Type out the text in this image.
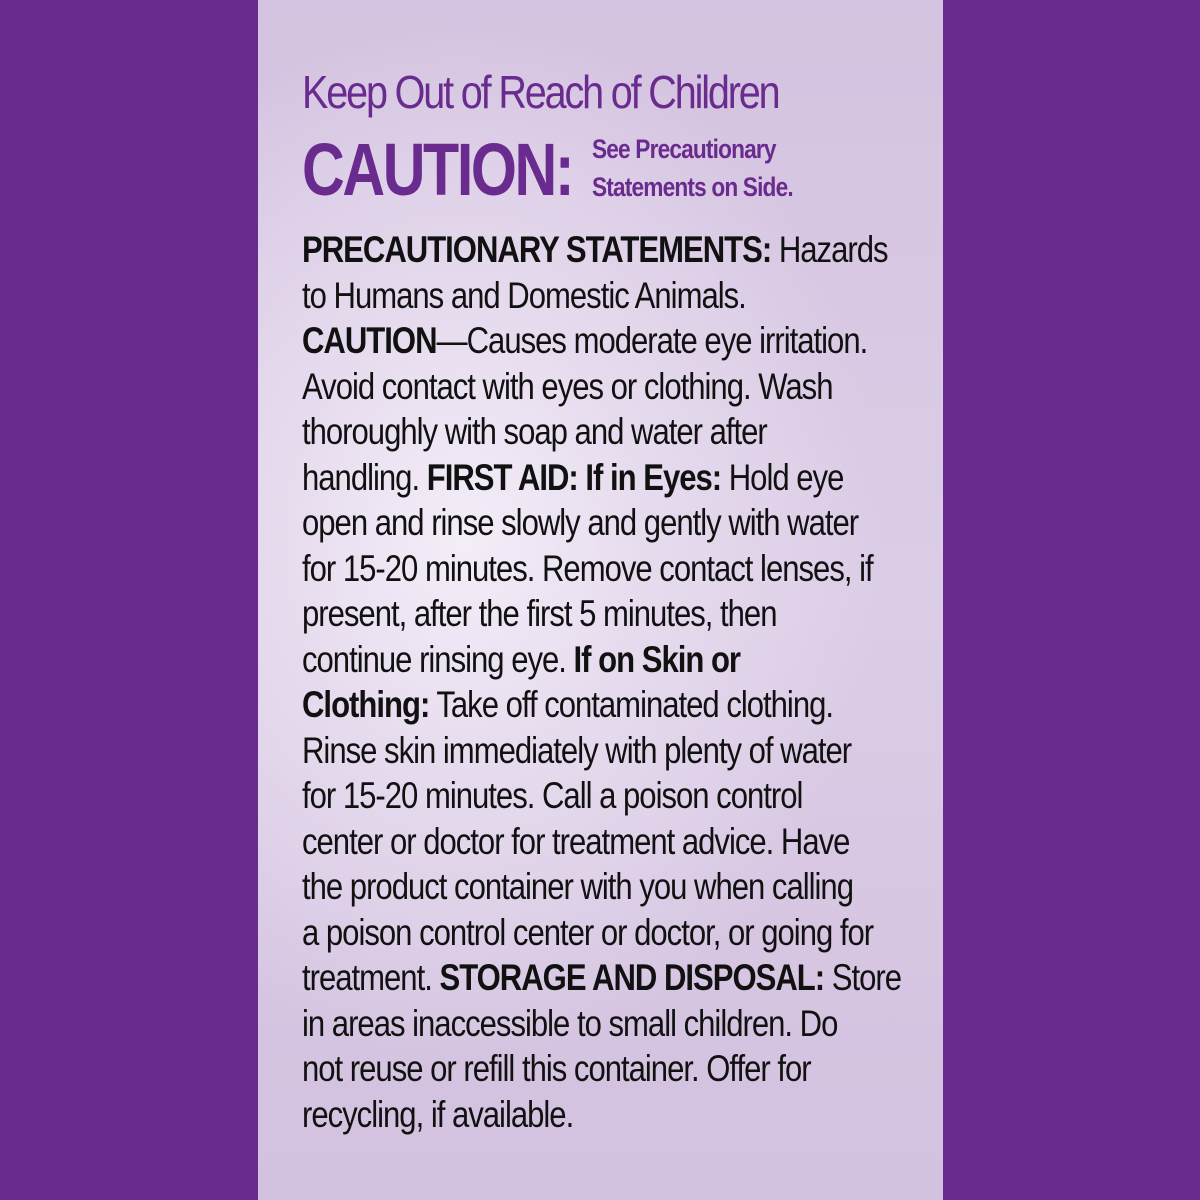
Keep Out of Reach of Children
CAUTION: See Precautionary
Statements on Side.
PRECAUTIONARY STATEMENTS: Hazards
to Humans and Domestic Animals.
CAUTION—Causes moderate eye irritation.
Avoid contact with eyes or clothing. Wash
thoroughly with soap and water after
handling. FIRST AID: If in Eyes: Hold eye
open and rinse slowly and gently with water
for 15-20 minutes. Remove contact lenses, if
present, after the first 5 minutes, then
continue rinsing eye. If on Skin or
Clothing: Take off contaminated clothing.
Rinse skin immediately with plenty of water
for 15-20 minutes. Call a poison control
center or doctor for treatment advice. Have
the product container with you when calling
a poison control center or doctor, or going for
treatment. STORAGE AND DISPOSAL: Store
in areas inaccessible to small children. Do
not reuse or refill this container. Offer for
recycling, if available.
